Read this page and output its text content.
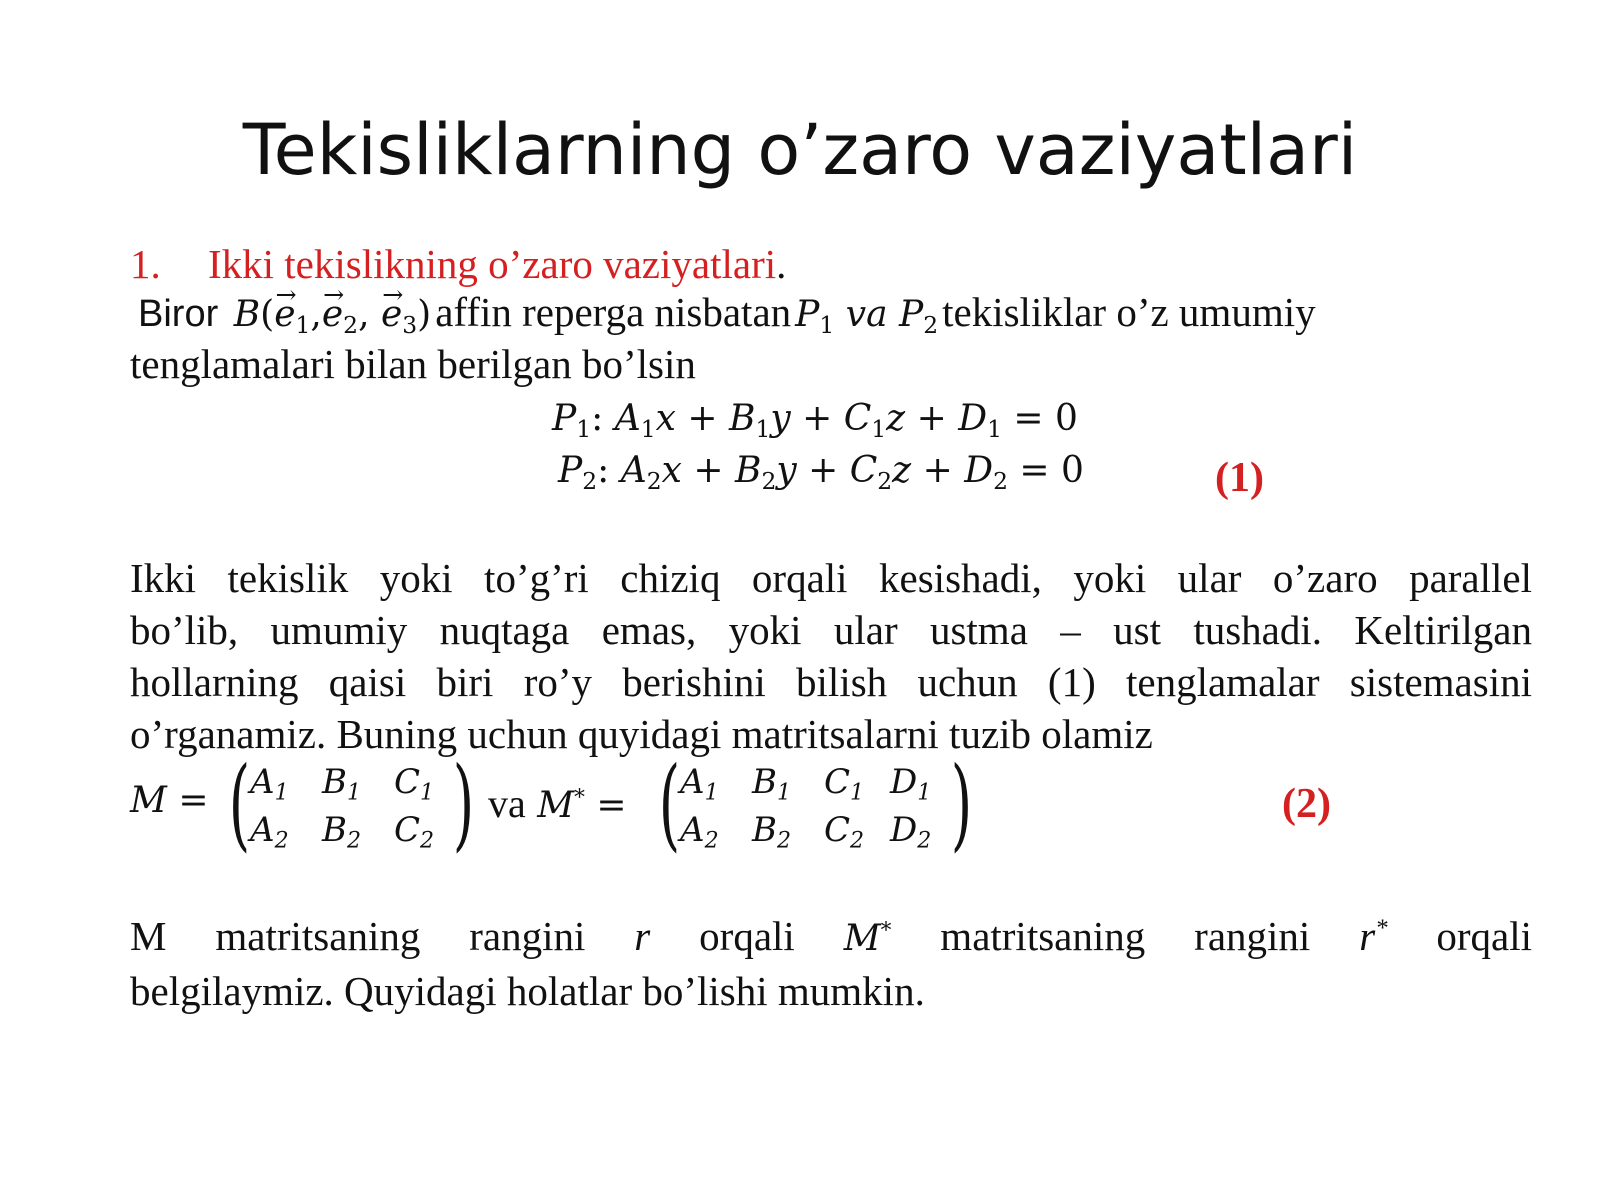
Tekisliklarning o’zaro vaziyatlari
1. Ikki tekislikning o’zaro vaziyatlari.
Biror $B(\to e_1,\to e_2$, → $e_3$) affin reperga nisbatan $P_1$ va $P_2$ tekisliklar o’z umumiy
tenglamalari bilan berilgan bo’lsin
$P_1$: $A_1x + B_1y + C_1z + D_1 = 0$
$P_2$: $A_2x + B_2y + C_2z + D_2 = 0$	(1)
Ikki tekislik yoki to’g’ri chiziq orqali kesishadi, yoki ular o’zaro parallel
bo’lib, umumiy nuqtaga emas, yoki ular ustma – ust tushadi. Keltirilgan
hollarning qaisi biri ro’y berishini bilish uchun (1) tenglamalar sistemasini
o’rganamiz. Buning uchun quyidagi matritsalarni tuzib olamiz
M = ( $A_1$ $B_1$ $C_1$
$A_2$ $B_2$ $C_2$ ) va M* = ( $A_1$ $B_1$ $C_1$ $D_1$
$A_2$ $B_2$ $C_2$ $D_2$ )	(2)
M matritsaning rangini r orqali M* matritsaning rangini r* orqali
belgilaymiz. Quyidagi holatlar bo’lishi mumkin.
